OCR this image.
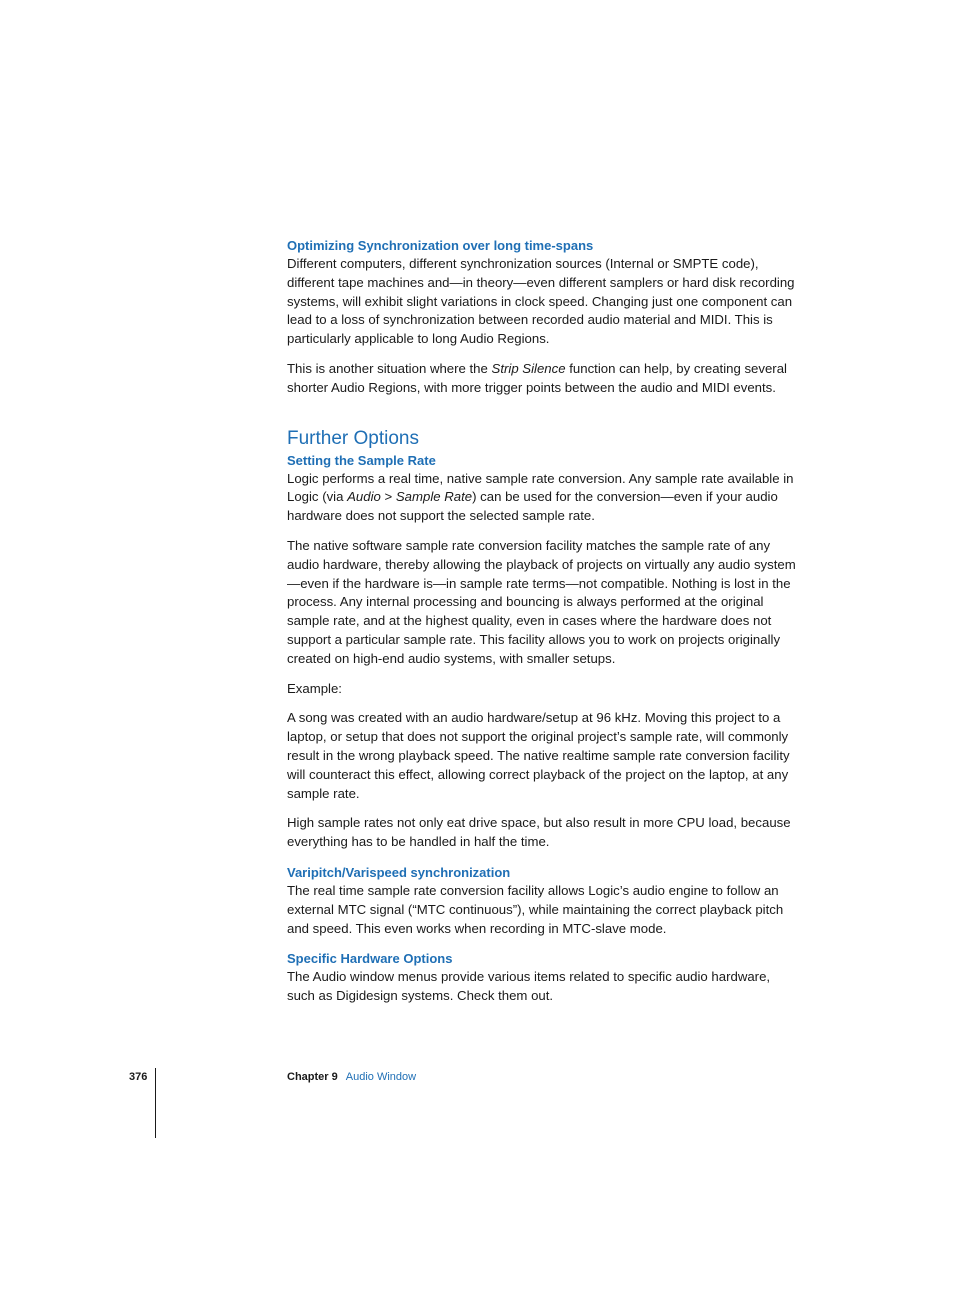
Optimizing Synchronization over long time-spans

Different computers, different synchronization sources (Internal or SMPTE code), different tape machines and—in theory—even different samplers or hard disk recording systems, will exhibit slight variations in clock speed. Changing just one component can lead to a loss of synchronization between recorded audio material and MIDI. This is particularly applicable to long Audio Regions.

This is another situation where the Strip Silence function can help, by creating several shorter Audio Regions, with more trigger points between the audio and MIDI events.

Further Options
Setting the Sample Rate

Logic performs a real time, native sample rate conversion. Any sample rate available in Logic (via Audio > Sample Rate) can be used for the conversion—even if your audio hardware does not support the selected sample rate.

The native software sample rate conversion facility matches the sample rate of any audio hardware, thereby allowing the playback of projects on virtually any audio system—even if the hardware is—in sample rate terms—not compatible. Nothing is lost in the process. Any internal processing and bouncing is always performed at the original sample rate, and at the highest quality, even in cases where the hardware does not support a particular sample rate. This facility allows you to work on projects originally created on high-end audio systems, with smaller setups.

Example:

A song was created with an audio hardware/setup at 96 kHz. Moving this project to a laptop, or setup that does not support the original project’s sample rate, will commonly result in the wrong playback speed. The native realtime sample rate conversion facility will counteract this effect, allowing correct playback of the project on the laptop, at any sample rate.

High sample rates not only eat drive space, but also result in more CPU load, because everything has to be handled in half the time.

Varipitch/Varispeed synchronization

The real time sample rate conversion facility allows Logic’s audio engine to follow an external MTC signal (“MTC continuous”), while maintaining the correct playback pitch and speed. This even works when recording in MTC-slave mode.

Specific Hardware Options

The Audio window menus provide various items related to specific audio hardware, such as Digidesign systems. Check them out.

376	Chapter 9 Audio Window
